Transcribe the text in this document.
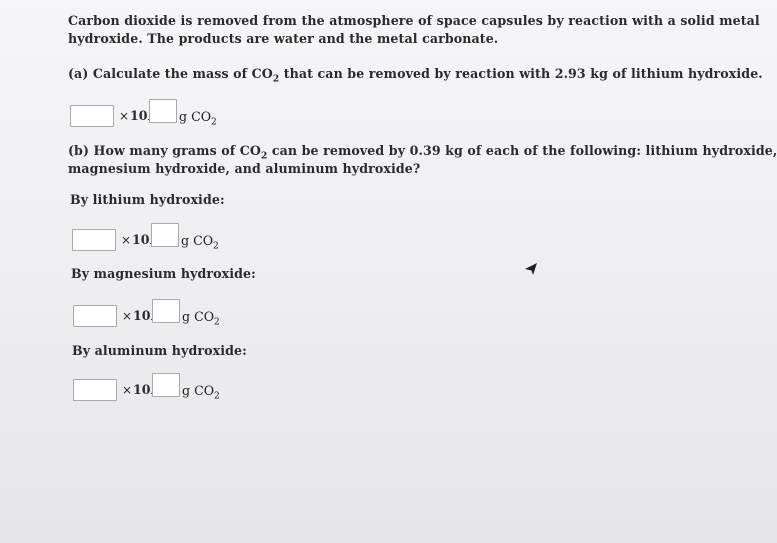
Carbon dioxide is removed from the atmosphere of space capsules by reaction with a solid metal
hydroxide. The products are water and the metal carbonate.
(a) Calculate the mass of $CO_2$ that can be removed by reaction with 2.93 kg of lithium hydroxide.
× 10	g $CO_2$
(b) How many grams of $CO_2$ can be removed by 0.39 kg of each of the following: lithium hydroxide,
magnesium hydroxide, and aluminum hydroxide?
By lithium hydroxide:
× 10	g $CO_2$
By magnesium hydroxide:
× 10	g $CO_2$
By aluminum hydroxide:
× 10	g $CO_2$
